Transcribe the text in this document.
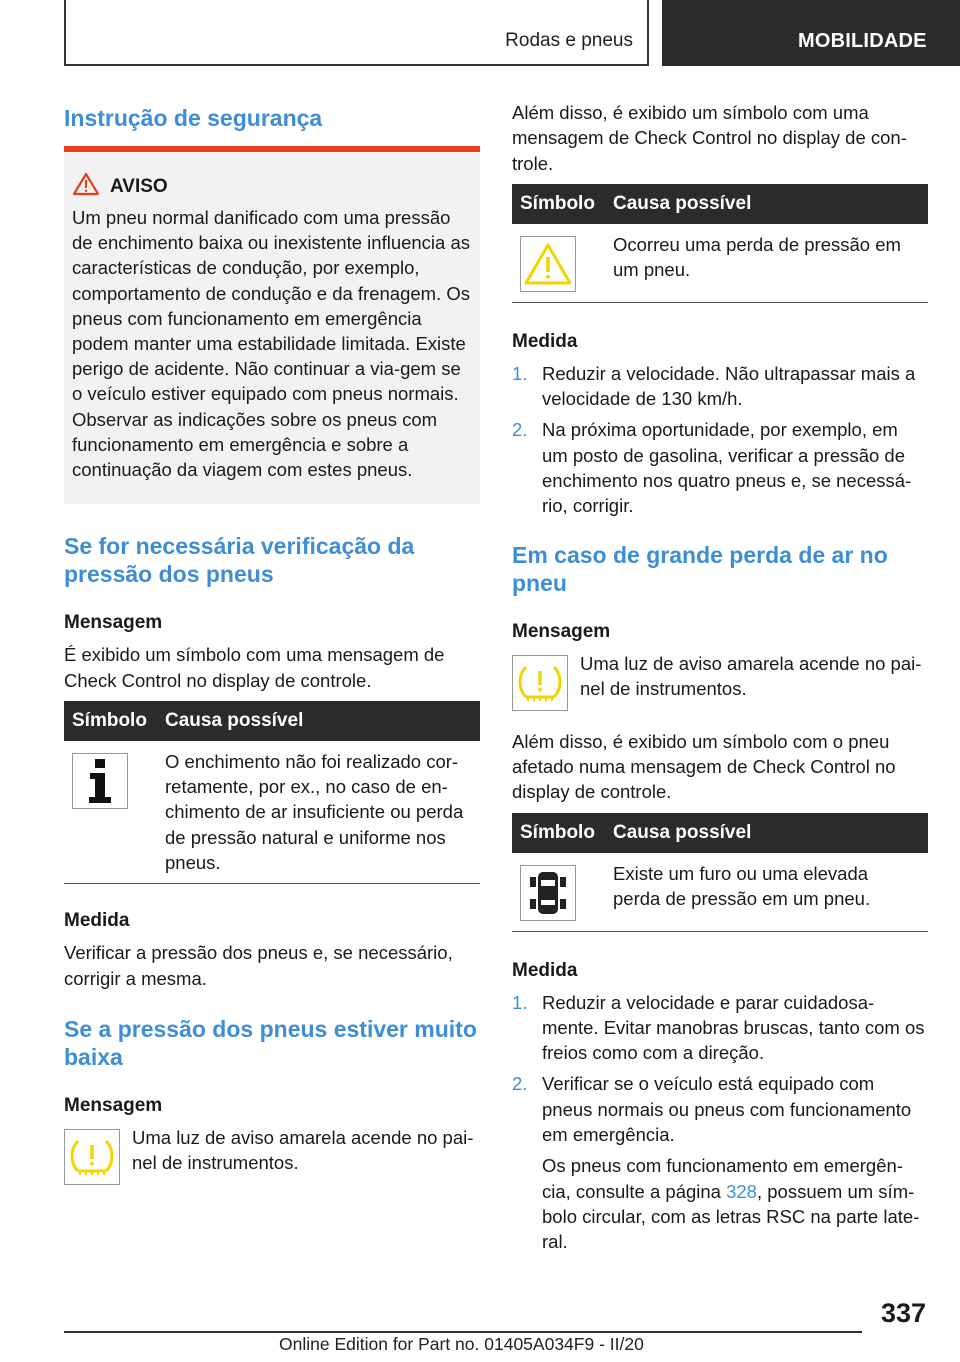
Rodas e pneus	MOBILIDADE
Instrução de segurança
AVISO

Um pneu normal danificado com uma pressão de enchimento baixa ou inexistente influencia as características de condução, por exemplo, comportamento de condução e da frenagem. Os pneus com funcionamento em emergência podem manter uma estabilidade limitada. Existe perigo de acidente. Não continuar a via-gem se o veículo estiver equipado com pneus normais. Observar as indicações sobre os pneus com funcionamento em emergência e sobre a continuação da viagem com estes pneus.

Se for necessária verificação da pressão dos pneus
Mensagem

É exibido um símbolo com uma mensagem de Check Control no display de controle.

Símbolo	Causa possível

	O enchimento não foi realizado cor-retamente, por ex., no caso de en-chimento de ar insuficiente ou perda de pressão natural e uniforme nos pneus.
Medida

Verificar a pressão dos pneus e, se necessário, corrigir a mesma.

Se a pressão dos pneus estiver muito baixa
Mensagem

Uma luz de aviso amarela acende no pai-nel de instrumentos.

Além disso, é exibido um símbolo com uma mensagem de Check Control no display de con-trole.

Símbolo	Causa possível

	Ocorreu uma perda de pressão em um pneu.
Medida
1. Reduzir a velocidade. Não ultrapassar mais a velocidade de 130 km/h.
2. Na próxima oportunidade, por exemplo, em um posto de gasolina, verificar a pressão de enchimento nos quatro pneus e, se necessá-rio, corrigir.
Em caso de grande perda de ar no pneu
Mensagem

Uma luz de aviso amarela acende no pai-nel de instrumentos.

Além disso, é exibido um símbolo com o pneu afetado numa mensagem de Check Control no display de controle.

Símbolo	Causa possível

	Existe um furo ou uma elevada perda de pressão em um pneu.
Medida
1. Reduzir a velocidade e parar cuidadosa-mente. Evitar manobras bruscas, tanto com os freios como com a direção.
2. Verificar se o veículo está equipado com pneus normais ou pneus com funcionamento em emergência.
Os pneus com funcionamento em emergên-cia, consulte a página 328, possuem um sím-bolo circular, com as letras RSC na parte late-ral.
337
Online Edition for Part no. 01405A034F9 - II/20
